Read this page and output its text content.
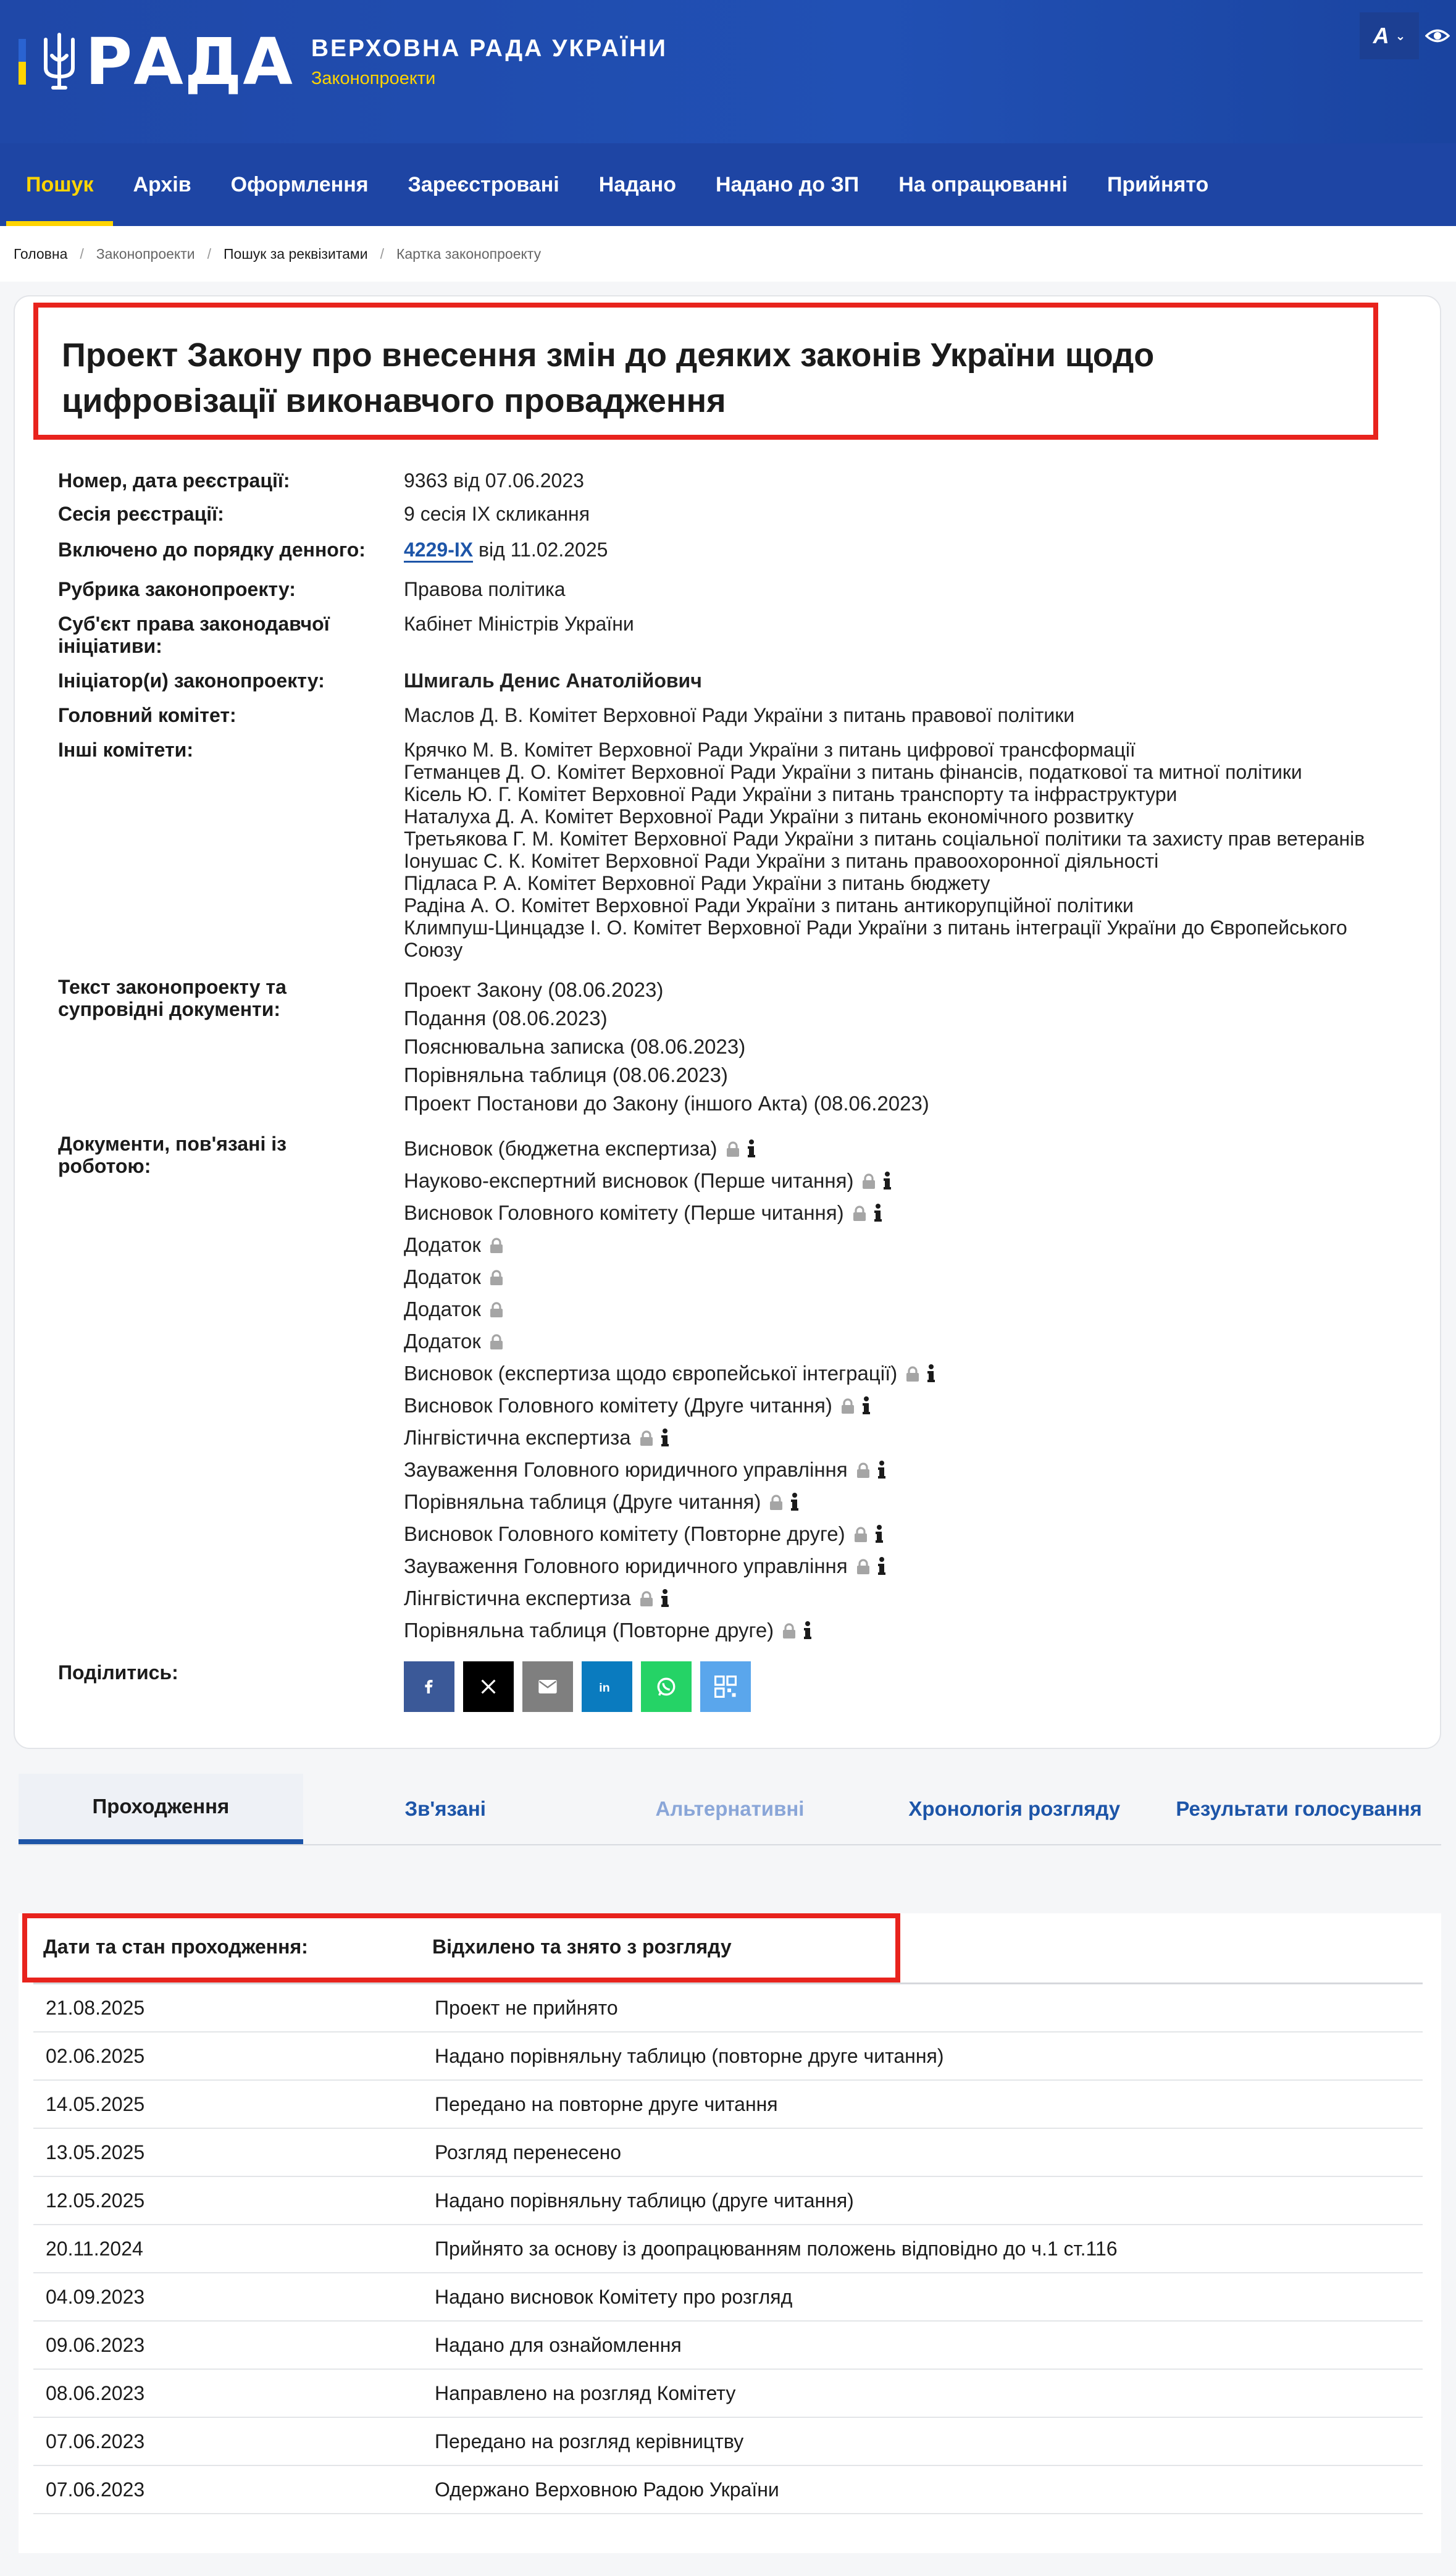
РАДА ВЕРХОВНА РАДА УКРАЇНИ
Законопроекти
A ⌄
Пошук	Архів	Оформлення	Зареєстровані	Надано	Надано до ЗП	На опрацюванні	Прийнято
Головна / Законопроекти / Пошук за реквізитами / Картка законопроекту
Проект Закону про внесення змін до деяких законів України щодо цифровізації виконавчого провадження
Номер, дата реєстрації:	9363 від 07.06.2023
Сесія реєстрації:	9 сесія IX скликання
Включено до порядку денного:	4229-IX від 11.02.2025
Рубрика законопроекту:	Правова політика
Суб'єкт права законодавчої ініціативи:
Кабінет Міністрів України
Ініціатор(и) законопроекту:	Шмигаль Денис Анатолійович
Головний комітет:	Маслов Д. В. Комітет Верховної Ради України з питань правової політики
Інші комітети:	Крячко М. В. Комітет Верховної Ради України з питань цифрової трансформації
Гетманцев Д. О. Комітет Верховної Ради України з питань фінансів, податкової та митної політики
Кісель Ю. Г. Комітет Верховної Ради України з питань транспорту та інфраструктури
Наталуха Д. А. Комітет Верховної Ради України з питань економічного розвитку
Третьякова Г. М. Комітет Верховної Ради України з питань соціальної політики та захисту прав ветеранів
Іонушас С. К. Комітет Верховної Ради України з питань правоохоронної діяльності
Підласа Р. А. Комітет Верховної Ради України з питань бюджету
Радіна А. О. Комітет Верховної Ради України з питань антикорупційної політики
Климпуш-Цинцадзе І. О. Комітет Верховної Ради України з питань інтеграції України до Європейського
Союзу
Текст законопроекту та супровідні документи:
Проект Закону (08.06.2023)
Подання (08.06.2023)
Пояснювальна записка (08.06.2023)
Порівняльна таблиця (08.06.2023)
Проект Постанови до Закону (іншого Акта) (08.06.2023)
Документи, пов'язані із роботою:
Висновок (бюджетна експертиза)
Науково-експертний висновок (Перше читання)
Висновок Головного комітету (Перше читання)
Додаток
Додаток
Додаток
Додаток
Висновок (експертиза щодо європейської інтеграції)
Висновок Головного комітету (Друге читання)
Лінгвістична експертиза
Зауваження Головного юридичного управління
Порівняльна таблиця (Друге читання)
Висновок Головного комітету (Повторне друге)
Зауваження Головного юридичного управління
Лінгвістична експертиза
Порівняльна таблиця (Повторне друге)
Поділитись:
in
Проходження	Зв'язані	Альтернативні	Хронологія розгляду	Результати голосування
Дати та стан проходження:	Відхилено та знято з розгляду
21.08.2025	Проект не прийнято
02.06.2025	Надано порівняльну таблицю (повторне друге читання)
14.05.2025	Передано на повторне друге читання
13.05.2025	Розгляд перенесено
12.05.2025	Надано порівняльну таблицю (друге читання)
20.11.2024	Прийнято за основу із доопрацюванням положень відповідно до ч.1 ст.116
04.09.2023	Надано висновок Комітету про розгляд
09.06.2023	Надано для ознайомлення
08.06.2023	Направлено на розгляд Комітету
07.06.2023	Передано на розгляд керівництву
07.06.2023	Одержано Верховною Радою України
